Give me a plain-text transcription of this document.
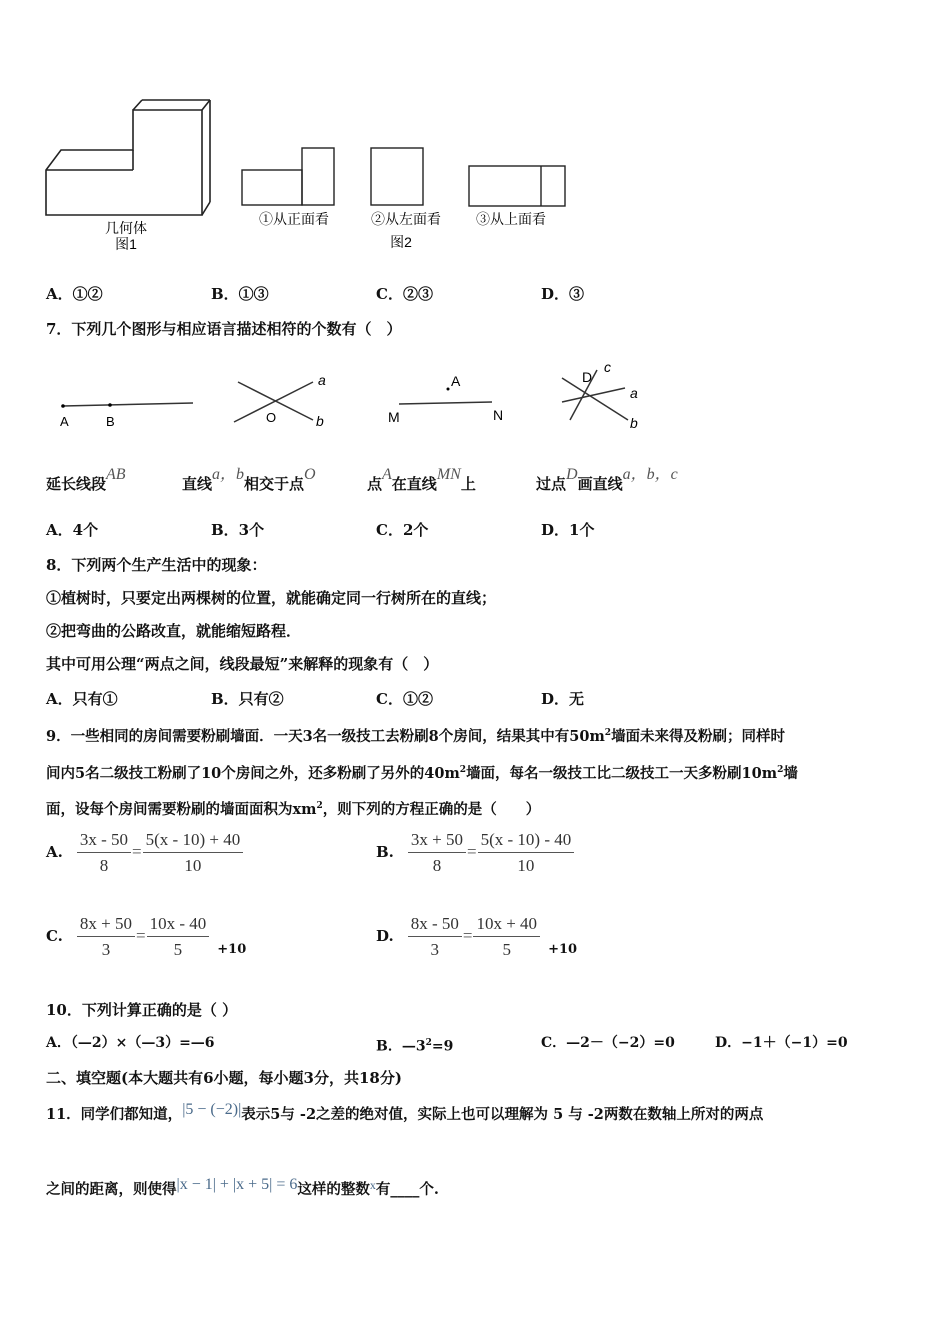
几何体
图1
①从正面看	②从左面看	③从上面看
图2
A．①②	B．①③	C．②③	D．③
7．下列几个图形与相应语言描述相符的个数有（　）
A	B
a
O	b
A
M	N
D
c
a
b
延长线段AB
直线a，b相交于点O
点A在直线MN上	过点D画直线a，b，c
A．4个	B．3个	C．2个	D．1个
8．下列两个生产生活中的现象：
①植树时，只要定出两棵树的位置，就能确定同一行树所在的直线；
②把弯曲的公路改直，就能缩短路程．
其中可用公理“两点之间，线段最短”来解释的现象有（　）
A．只有①	B．只有②	C．①②	D．无
9．一些相同的房间需要粉刷墙面．一天3名一级技工去粉刷8个房间，结果其中有$50m^2$墙面未来得及粉刷；同样时
间内5名二级技工粉刷了10个房间之外，还多粉刷了另外的$40m^2$墙面，每名一级技工比二级技工一天多粉刷$10m^2$墙
面，设每个房间需要粉刷的墙面面积为$xm^2$，则下列的方程正确的是（　　）
A. $\frac{3x - 50}{8} = \frac{5(x - 10) + 40}{10}$	B. $\frac{3x + 50}{8} = \frac{5(x - 10) - 40}{10}$
C. $\frac{8x + 50}{3} = \frac{10x - 40}{5} +10$
D. $\frac{8x - 50}{3} = \frac{10x + 40}{5} +10$
10．下列计算正确的是（ ）
A．（—2）×（—3）=—6	B．$—3^2=9$	C．—2－（−2）=0	D．−1＋（−1）=0
二、填空题(本大题共有6小题，每小题3分，共18分)
11．同学们都知道，|5 − (−2)|表示5与 -2之差的绝对值，实际上也可以理解为 5 与 -2两数在数轴上所对的两点
之间的距离，则使得|x − 1| + |x + 5| = 6这样的整数$^x$有____个.
